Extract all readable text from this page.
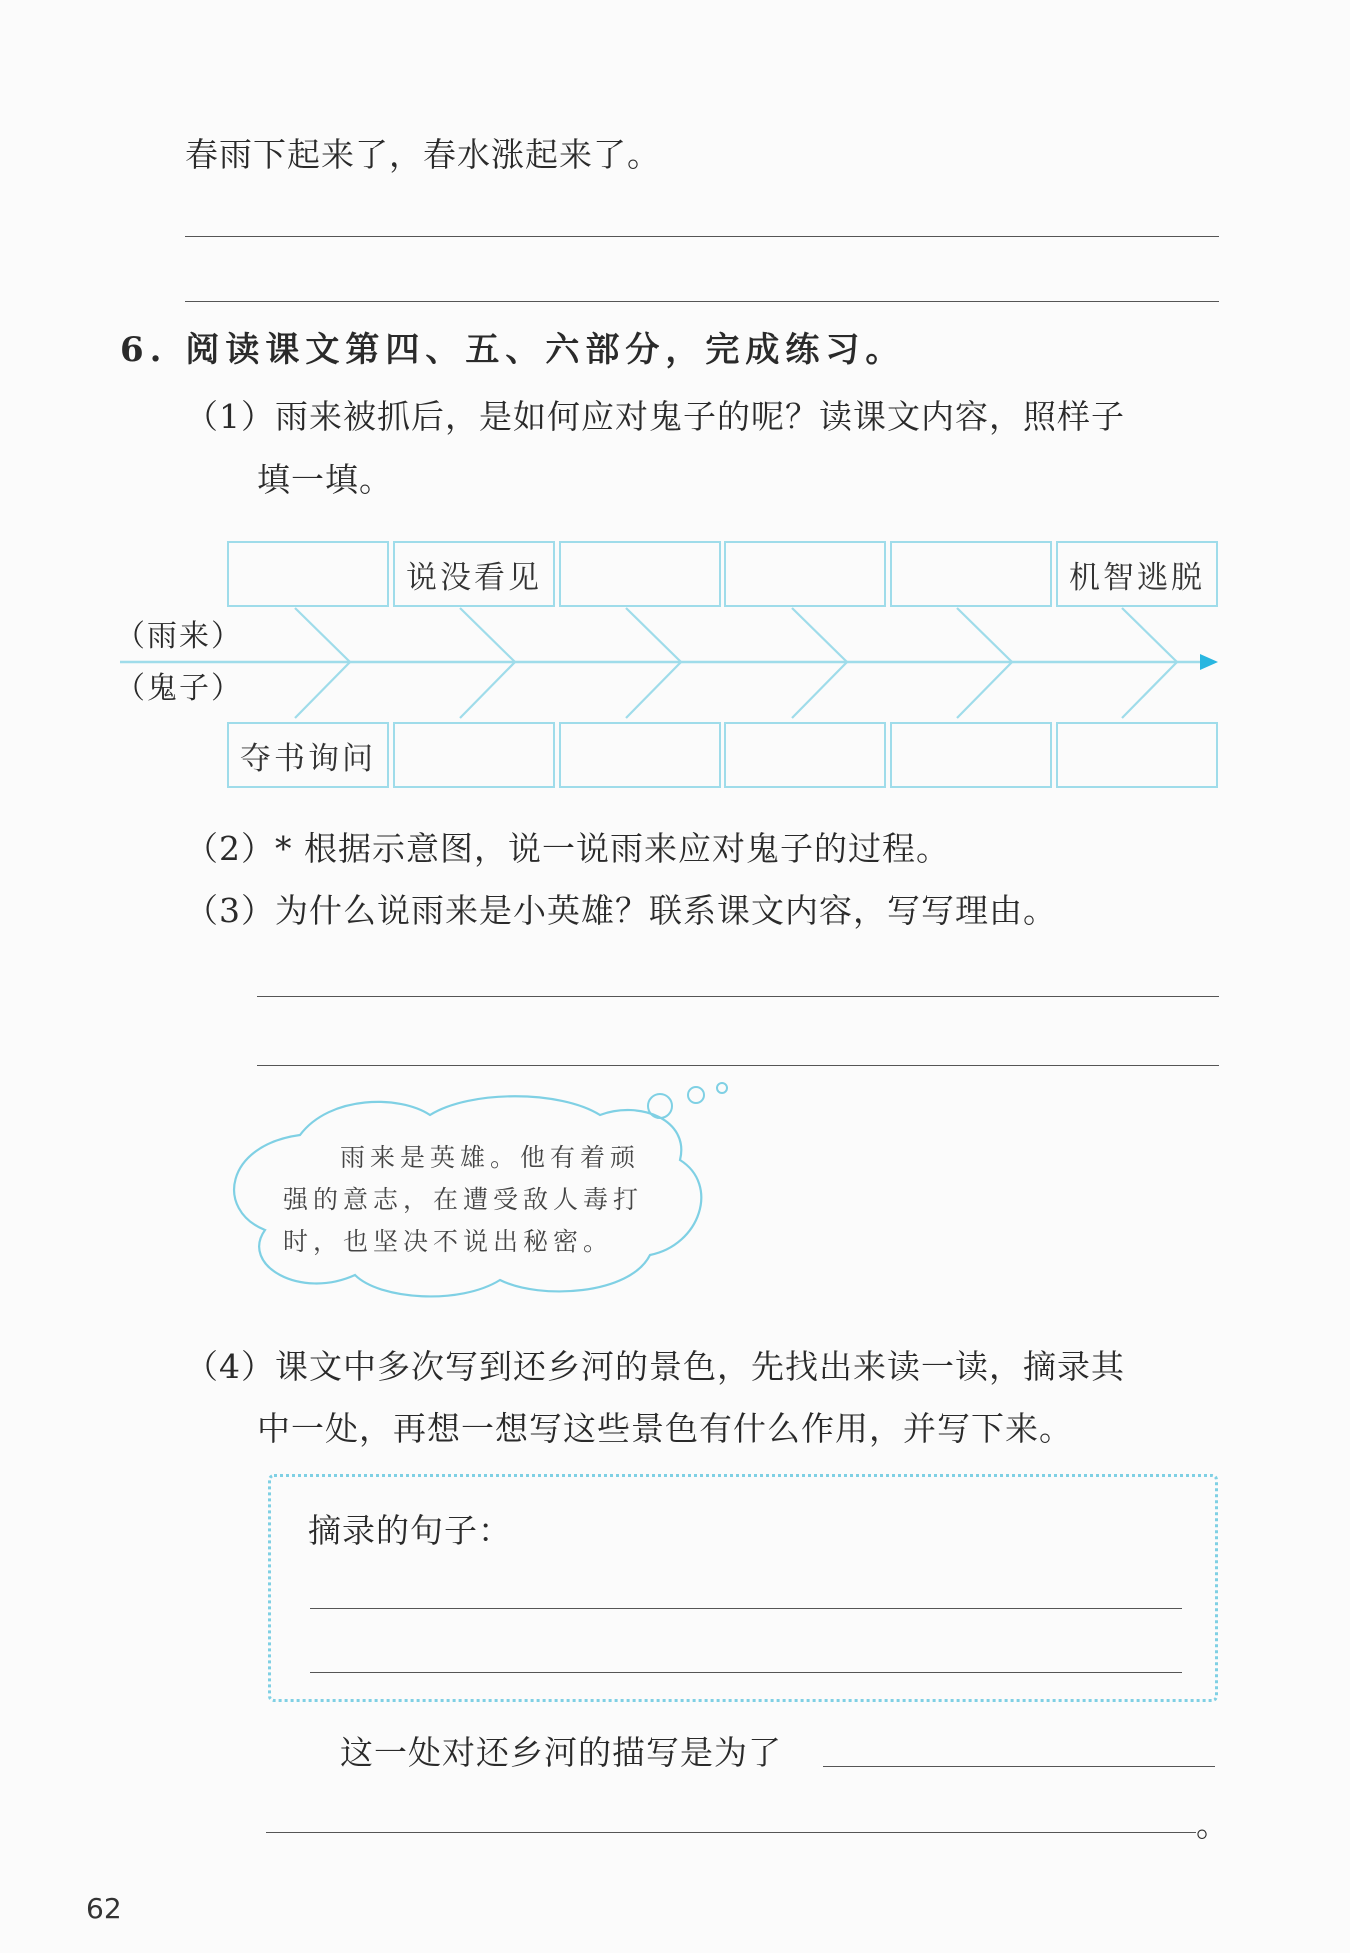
春雨下起来了，春水涨起来了。
6. 阅读课文第四、五、六部分，完成练习。
（1）雨来被抓后，是如何应对鬼子的呢？读课文内容，照样子
填一填。
说没看见	机智逃脱
夺书询问
（雨来）
（鬼子）
（2）* 根据示意图，说一说雨来应对鬼子的过程。
（3）为什么说雨来是小英雄？联系课文内容，写写理由。
雨来是英雄。他有着顽
强的意志，在遭受敌人毒打
时，也坚决不说出秘密。
（4）课文中多次写到还乡河的景色，先找出来读一读，摘录其
中一处，再想一想写这些景色有什么作用，并写下来。
摘录的句子：
这一处对还乡河的描写是为了
。
62
